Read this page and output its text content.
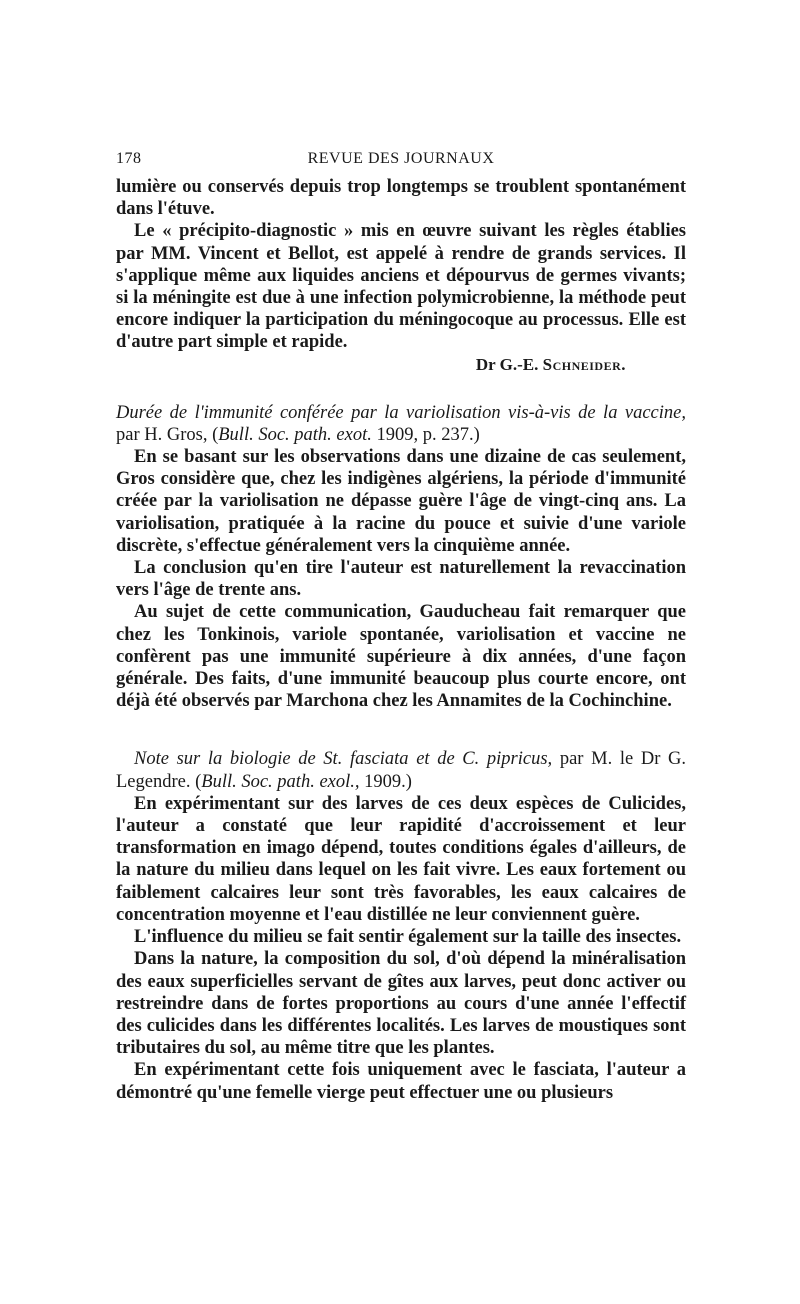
178	REVUE DES JOURNAUX

lumière ou conservés depuis trop longtemps se troublent spontanément dans l'étuve.

Le « précipito-diagnostic » mis en œuvre suivant les règles établies par MM. Vincent et Bellot, est appelé à rendre de grands services. Il s'applique même aux liquides anciens et dépourvus de germes vivants; si la méningite est due à une infection polymicrobienne, la méthode peut encore indiquer la participation du méningocoque au processus. Elle est d'autre part simple et rapide.

Dr G.-E. Schneider.

Durée de l'immunité conférée par la variolisation vis-à-vis de la vaccine, par H. Gros, (Bull. Soc. path. exot. 1909, p. 237.)

En se basant sur les observations dans une dizaine de cas seulement, Gros considère que, chez les indigènes algériens, la période d'immunité créée par la variolisation ne dépasse guère l'âge de vingt-cinq ans. La variolisation, pratiquée à la racine du pouce et suivie d'une variole discrète, s'effectue généralement vers la cinquième année.

La conclusion qu'en tire l'auteur est naturellement la revaccination vers l'âge de trente ans.

Au sujet de cette communication, Gauducheau fait remarquer que chez les Tonkinois, variole spontanée, variolisation et vaccine ne confèrent pas une immunité supérieure à dix années, d'une façon générale. Des faits, d'une immunité beaucoup plus courte encore, ont déjà été observés par Marchona chez les Annamites de la Cochinchine.

Note sur la biologie de St. fasciata et de C. pipricus, par M. le Dr G. Legendre. (Bull. Soc. path. exol., 1909.)

En expérimentant sur des larves de ces deux espèces de Culicides, l'auteur a constaté que leur rapidité d'accroissement et leur transformation en imago dépend, toutes conditions égales d'ailleurs, de la nature du milieu dans lequel on les fait vivre. Les eaux fortement ou faiblement calcaires leur sont très favorables, les eaux calcaires de concentration moyenne et l'eau distillée ne leur conviennent guère.

L'influence du milieu se fait sentir également sur la taille des insectes.

Dans la nature, la composition du sol, d'où dépend la minéralisation des eaux superficielles servant de gîtes aux larves, peut donc activer ou restreindre dans de fortes proportions au cours d'une année l'effectif des culicides dans les différentes localités. Les larves de moustiques sont tributaires du sol, au même titre que les plantes.

En expérimentant cette fois uniquement avec le fasciata, l'auteur a démontré qu'une femelle vierge peut effectuer une ou plusieurs
